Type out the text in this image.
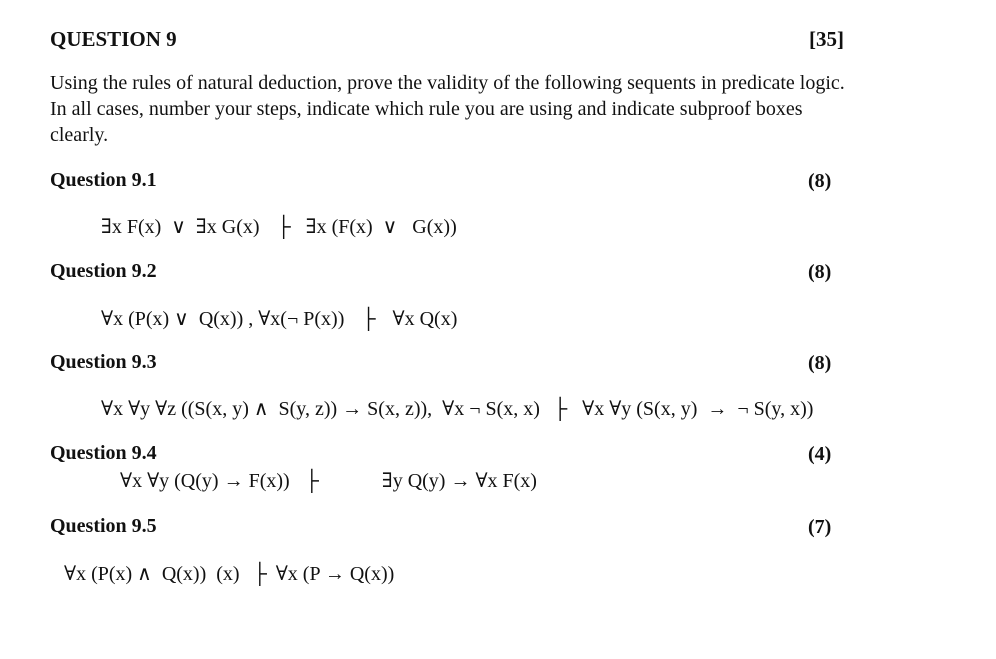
QUESTION 9	[35]
Using the rules of natural deduction, prove the validity of the following sequents in predicate logic.
In all cases, number your steps, indicate which rule you are using and indicate subproof boxes
clearly.
Question 9.1	(8)
∃x F(x)  ∨  ∃x G(x) ├ ∃x (F(x)  ∨   G(x))
Question 9.2	(8)
∀x (P(x) ∨  Q(x)) , ∀x(¬ P(x)) ├ ∀x Q(x)
Question 9.3	(8)
∀x ∀y ∀z ((S(x, y) ∧  S(y, z)) → S(x, z)),  ∀x ¬ S(x, x) ├ ∀x ∀y (S(x, y)  →  ¬ S(y, x))
Question 9.4	(4)
∀x ∀y (Q(y) → F(x)) ├	∃y Q(y) → ∀x F(x)
Question 9.5	(7)
∀x (P(x) ∧  Q(x))  (x) ├ ∀x (P → Q(x))
